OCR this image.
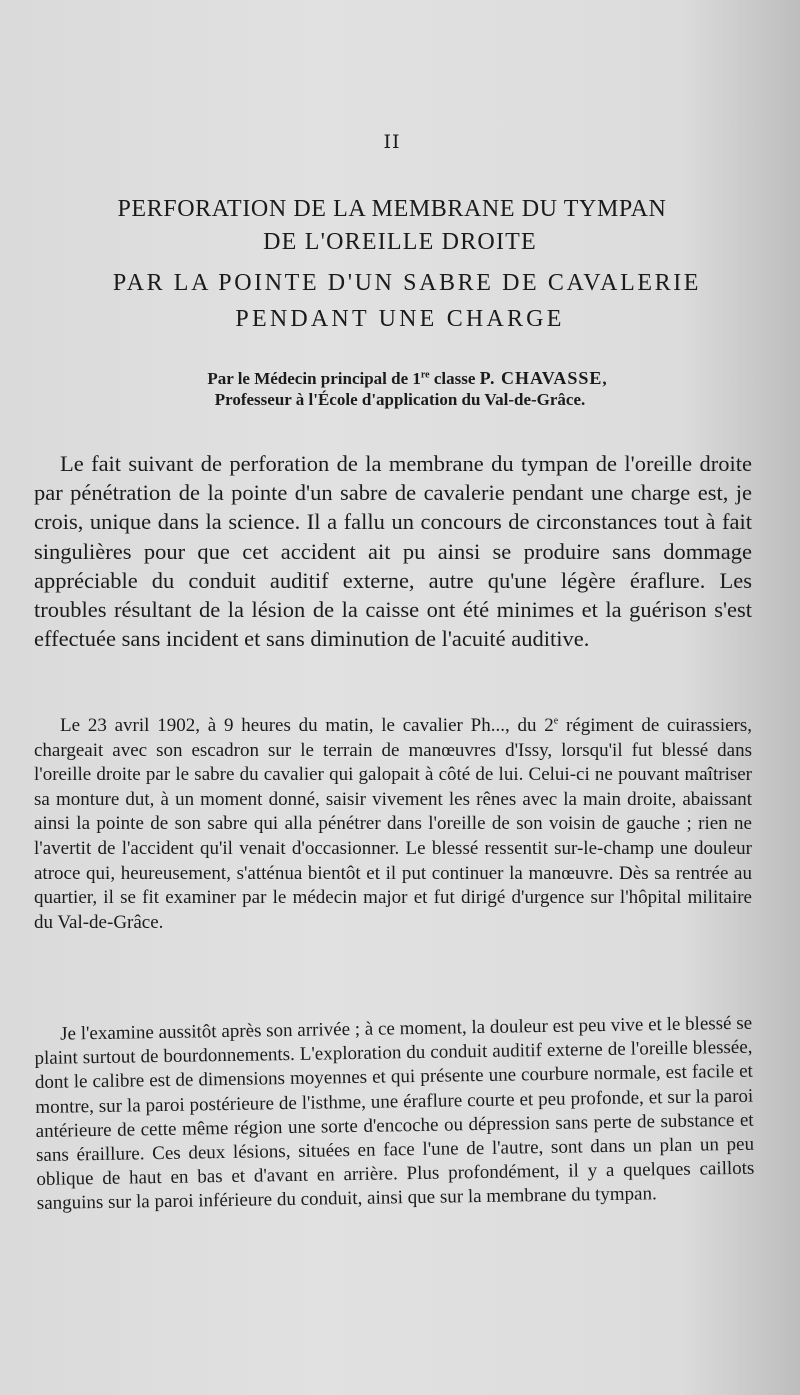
II
PERFORATION DE LA MEMBRANE DU TYMPAN
DE L'OREILLE DROITE
PAR LA POINTE D'UN SABRE DE CAVALERIE
PENDANT UNE CHARGE
Par le Médecin principal de 1re classe P. CHAVASSE,
Professeur à l'École d'application du Val-de-Grâce.
Le fait suivant de perforation de la membrane du tympan de l'oreille droite par pénétration de la pointe d'un sabre de cavalerie pendant une charge est, je crois, unique dans la science. Il a fallu un concours de circonstances tout à fait singulières pour que cet accident ait pu ainsi se produire sans dommage appréciable du conduit auditif externe, autre qu'une légère éraflure. Les troubles résultant de la lésion de la caisse ont été minimes et la guérison s'est effectuée sans incident et sans diminution de l'acuité auditive.
Le 23 avril 1902, à 9 heures du matin, le cavalier Ph..., du 2e régiment de cuirassiers, chargeait avec son escadron sur le terrain de manœuvres d'Issy, lorsqu'il fut blessé dans l'oreille droite par le sabre du cavalier qui galopait à côté de lui. Celui-ci ne pouvant maîtriser sa monture dut, à un moment donné, saisir vivement les rênes avec la main droite, abaissant ainsi la pointe de son sabre qui alla pénétrer dans l'oreille de son voisin de gauche ; rien ne l'avertit de l'accident qu'il venait d'occasionner. Le blessé ressentit sur-le-champ une douleur atroce qui, heureusement, s'atténua bientôt et il put continuer la manœuvre. Dès sa rentrée au quartier, il se fit examiner par le médecin major et fut dirigé d'urgence sur l'hôpital militaire du Val-de-Grâce.
Je l'examine aussitôt après son arrivée ; à ce moment, la douleur est peu vive et le blessé se plaint surtout de bourdonnements. L'exploration du conduit auditif externe de l'oreille blessée, dont le calibre est de dimensions moyennes et qui présente une courbure normale, est facile et montre, sur la paroi postérieure de l'isthme, une éraflure courte et peu profonde, et sur la paroi antérieure de cette même région une sorte d'encoche ou dépression sans perte de substance et sans éraillure. Ces deux lésions, situées en face l'une de l'autre, sont dans un plan un peu oblique de haut en bas et d'avant en arrière. Plus profondément, il y a quelques caillots sanguins sur la paroi inférieure du conduit, ainsi que sur la membrane du tympan.
